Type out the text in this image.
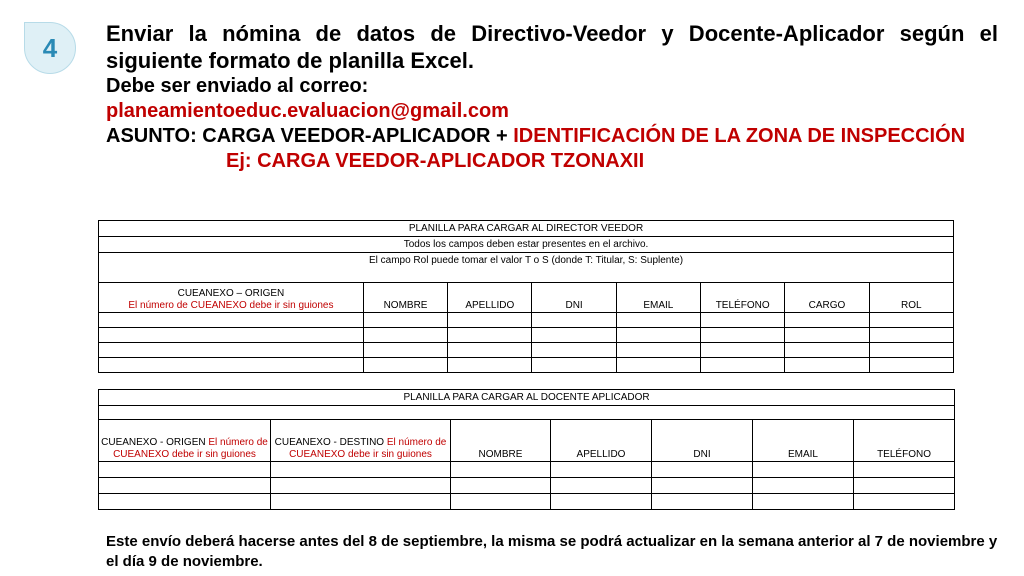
4	Enviar la nómina de datos de Directivo-Veedor y Docente-Aplicador según el siguiente formato de planilla Excel.

Debe ser enviado al correo:

planeamientoeduc.evaluacion@gmail.com

ASUNTO: CARGA VEEDOR-APLICADOR + IDENTIFICACIÓN DE LA ZONA DE INSPECCIÓN

Ej: CARGA VEEDOR-APLICADOR TZONAXII

PLANILLA PARA CARGAR AL DIRECTOR VEEDOR							
Todos los campos deben estar presentes en el archivo.							
El campo Rol puede tomar el valor T o S (donde T: Titular, S: Suplente)							

CUEANEXO – ORIGEN
El número de CUEANEXO debe ir sin guiones	NOMBRE	APELLIDO	DNI	EMAIL	TELÉFONO	CARGO	ROL

PLANILLA PARA CARGAR AL DOCENTE APLICADOR						

CUEANEXO - ORIGEN El número de CUEANEXO debe ir sin guiones	CUEANEXO - DESTINO El número de CUEANEXO debe ir sin guiones	NOMBRE	APELLIDO	DNI	EMAIL	TELÉFONO

Este envío deberá hacerse antes del 8 de septiembre, la misma se podrá actualizar en la semana anterior al 7 de noviembre y el día 9 de noviembre.
